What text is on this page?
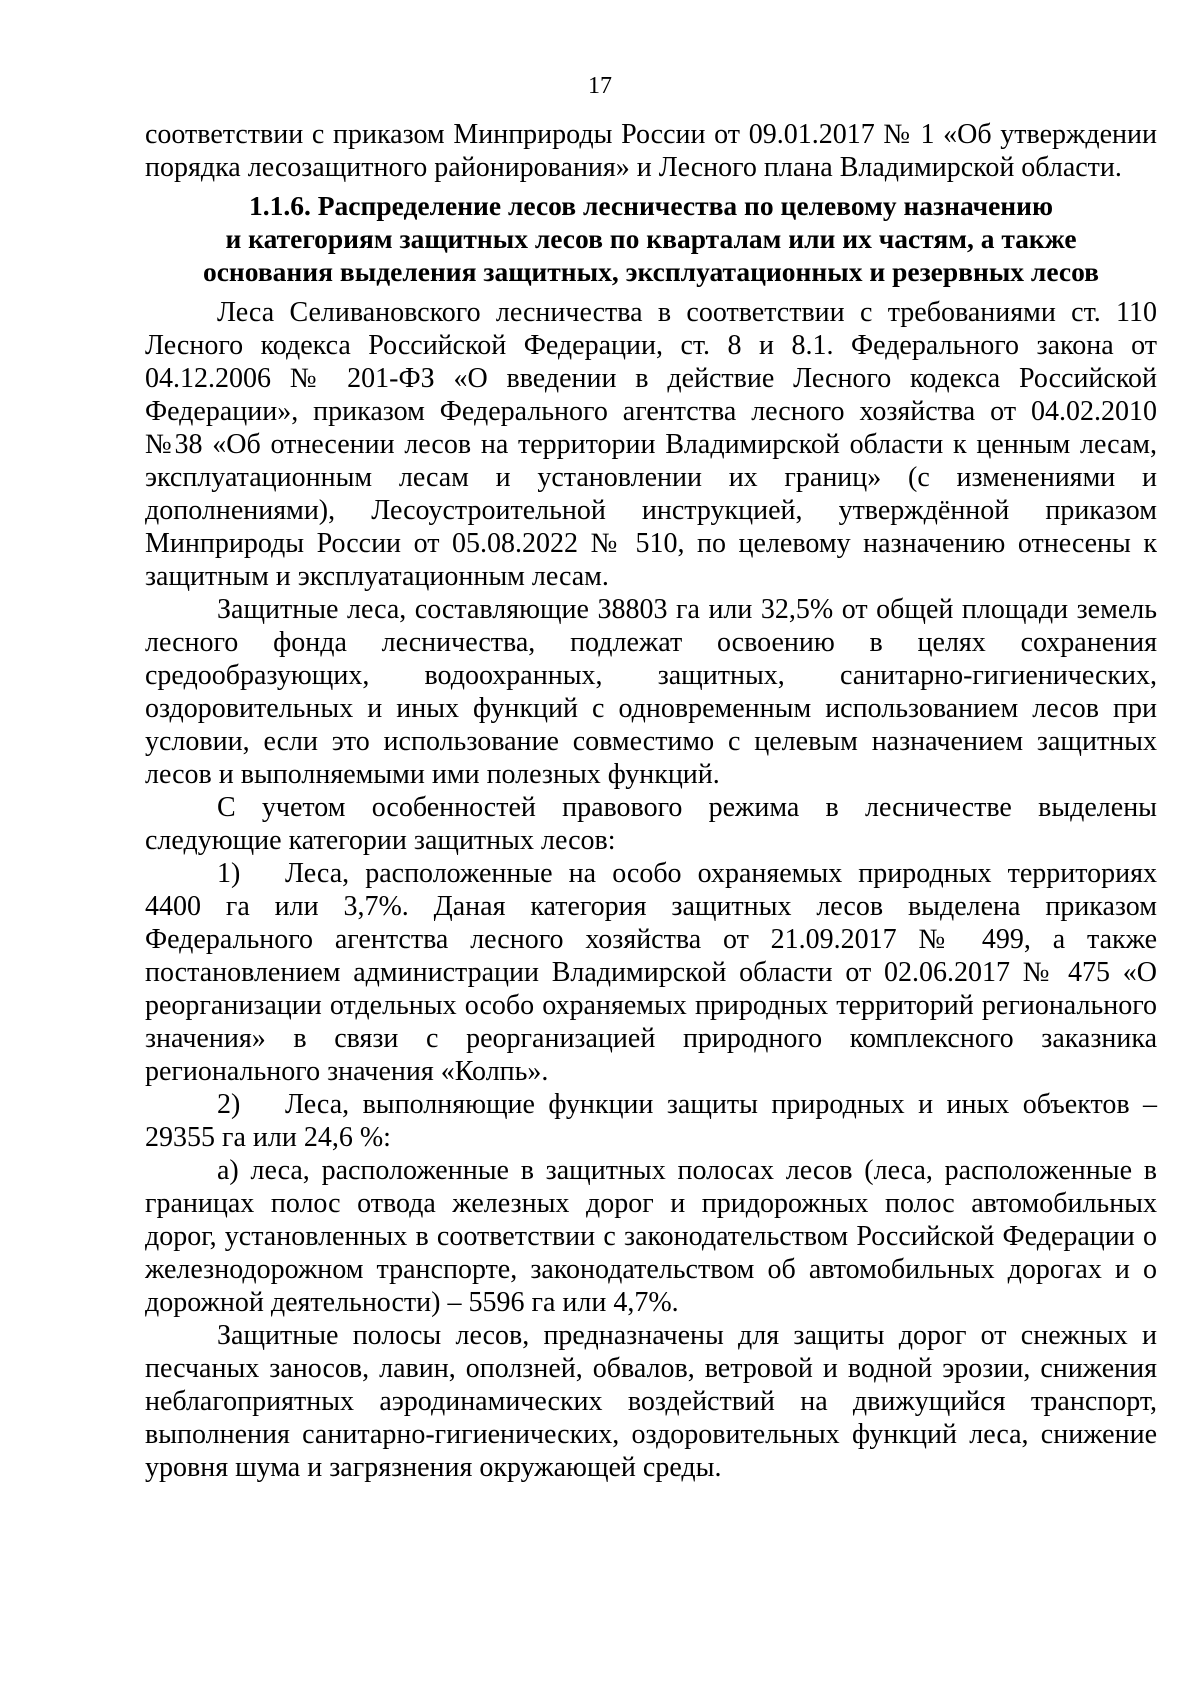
17

соответствии с приказом Минприроды России от 09.01.2017 № 1 «Об утверждении порядка лесозащитного районирования» и Лесного плана Владимирской области.

1.1.6. Распределение лесов лесничества по целевому назначению
и категориям защитных лесов по кварталам или их частям, а также
основания выделения защитных, эксплуатационных и резервных лесов

Леса Селивановского лесничества в соответствии с требованиями ст. 110 Лесного кодекса Российской Федерации, ст. 8 и 8.1. Федерального закона от 04.12.2006 № 201-ФЗ «О введении в действие Лесного кодекса Российской Федерации», приказом Федерального агентства лесного хозяйства от 04.02.2010 №38 «Об отнесении лесов на территории Владимирской области к ценным лесам, эксплуатационным лесам и установлении их границ» (с изменениями и дополнениями), Лесоустроительной инструкцией, утверждённой приказом Минприроды России от 05.08.2022 № 510, по целевому назначению отнесены к защитным и эксплуатационным лесам.

Защитные леса, составляющие 38803 га или 32,5% от общей площади земель лесного фонда лесничества, подлежат освоению в целях сохранения средообразующих, водоохранных, защитных, санитарно-гигиенических, оздоровительных и иных функций с одновременным использованием лесов при условии, если это использование совместимо с целевым назначением защитных лесов и выполняемыми ими полезных функций.

С учетом особенностей правового режима в лесничестве выделены следующие категории защитных лесов:

1) Леса, расположенные на особо охраняемых природных территориях 4400 га или 3,7%. Даная категория защитных лесов выделена приказом Федерального агентства лесного хозяйства от 21.09.2017 № 499, а также постановлением администрации Владимирской области от 02.06.2017 № 475 «О реорганизации отдельных особо охраняемых природных территорий регионального значения» в связи с реорганизацией природного комплексного заказника регионального значения «Колпь».

2) Леса, выполняющие функции защиты природных и иных объектов – 29355 га или 24,6 %:

а) леса, расположенные в защитных полосах лесов (леса, расположенные в границах полос отвода железных дорог и придорожных полос автомобильных дорог, установленных в соответствии с законодательством Российской Федерации о железнодорожном транспорте, законодательством об автомобильных дорогах и о дорожной деятельности) – 5596 га или 4,7%.

Защитные полосы лесов, предназначены для защиты дорог от снежных и песчаных заносов, лавин, оползней, обвалов, ветровой и водной эрозии, снижения неблагоприятных аэродинамических воздействий на движущийся транспорт, выполнения санитарно-гигиенических, оздоровительных функций леса, снижение уровня шума и загрязнения окружающей среды.
